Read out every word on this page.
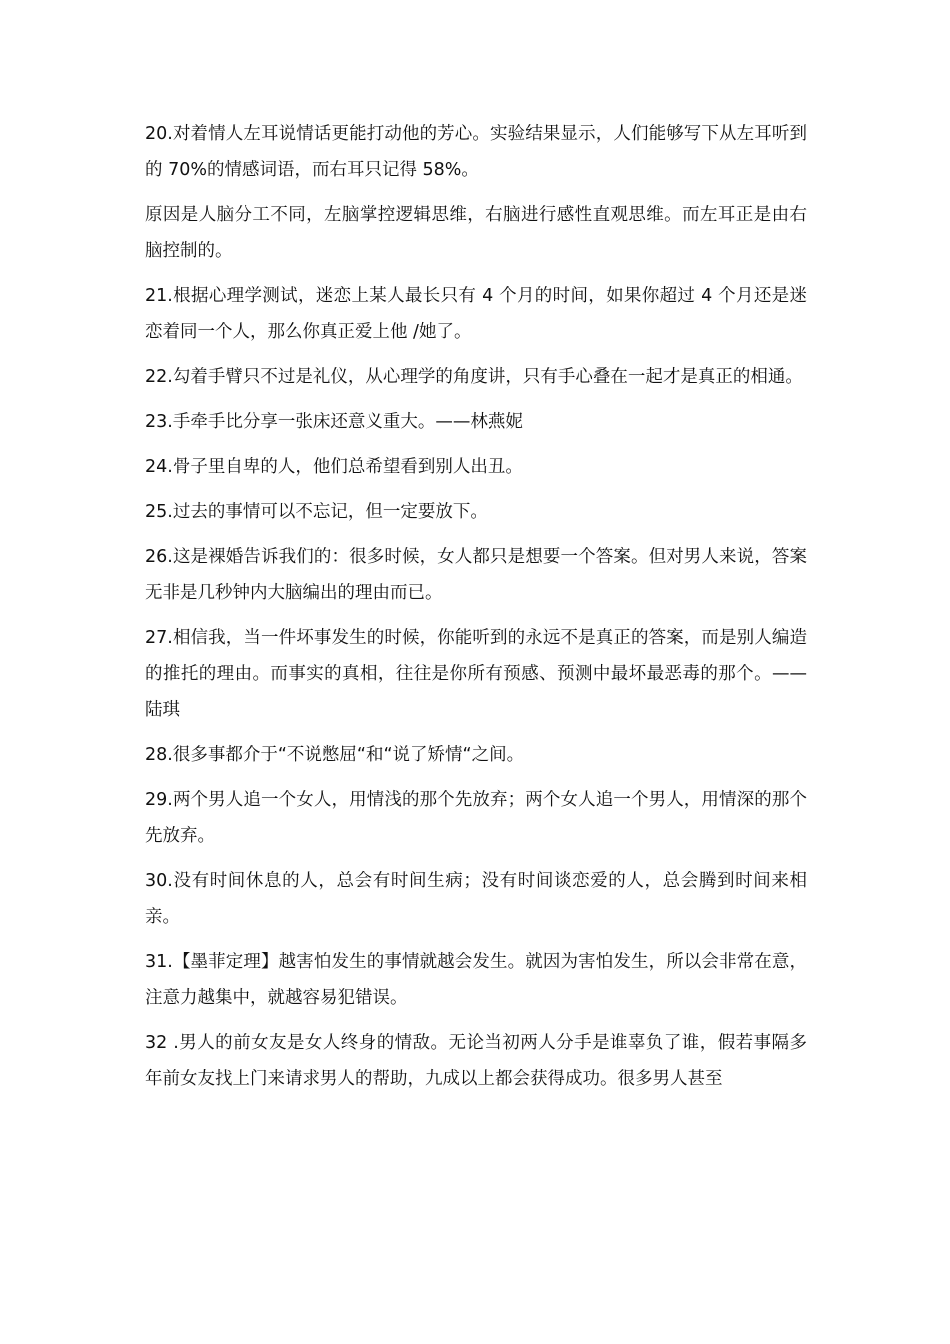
20.对着情人左耳说情话更能打动他的芳心。实验结果显示，人们能够写下从左耳听到的 70%的情感词语，而右耳只记得 58%。

原因是人脑分工不同，左脑掌控逻辑思维，右脑进行感性直观思维。而左耳正是由右脑控制的。

21.根据心理学测试，迷恋上某人最长只有 4 个月的时间，如果你超过 4 个月还是迷恋着同一个人，那么你真正爱上他 /她了。

22.勾着手臂只不过是礼仪，从心理学的角度讲，只有手心叠在一起才是真正的相通。

23.手牵手比分享一张床还意义重大。——林燕妮

24.骨子里自卑的人，他们总希望看到别人出丑。

25.过去的事情可以不忘记，但一定要放下。

26.这是裸婚告诉我们的：很多时候，女人都只是想要一个答案。但对男人来说，答案无非是几秒钟内大脑编出的理由而已。

27.相信我，当一件坏事发生的时候，你能听到的永远不是真正的答案，而是别人编造的推托的理由。而事实的真相，往往是你所有预感、预测中最坏最恶毒的那个。——陆琪

28.很多事都介于“不说憋屈“和“说了矫情“之间。

29.两个男人追一个女人，用情浅的那个先放弃；两个女人追一个男人，用情深的那个先放弃。

30.没有时间休息的人，总会有时间生病；没有时间谈恋爱的人，总会腾到时间来相亲。

31.【墨菲定理】越害怕发生的事情就越会发生。就因为害怕发生，所以会非常在意，注意力越集中，就越容易犯错误。

32 .男人的前女友是女人终身的情敌。无论当初两人分手是谁辜负了谁，假若事隔多年前女友找上门来请求男人的帮助，九成以上都会获得成功。很多男人甚至
